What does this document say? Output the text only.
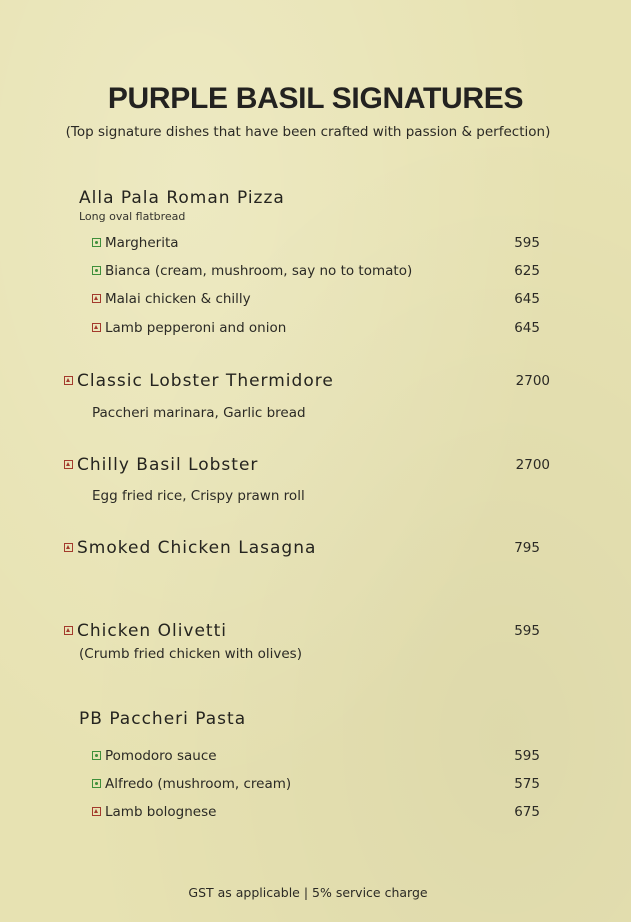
PURPLE BASIL SIGNATURES
(Top signature dishes that have been crafted with passion & perfection)
Alla Pala Roman Pizza
Long oval flatbread
Margherita	595
Bianca (cream, mushroom, say no to tomato)	625
Malai chicken & chilly	645
Lamb pepperoni and onion	645
Classic Lobster Thermidore	2700
Paccheri marinara, Garlic bread
Chilly Basil Lobster	2700
Egg fried rice, Crispy prawn roll
Smoked Chicken Lasagna	795
Chicken Olivetti	595
(Crumb fried chicken with olives)
PB Paccheri Pasta
Pomodoro sauce	595
Alfredo (mushroom, cream)	575
Lamb bolognese	675
GST as applicable | 5% service charge
